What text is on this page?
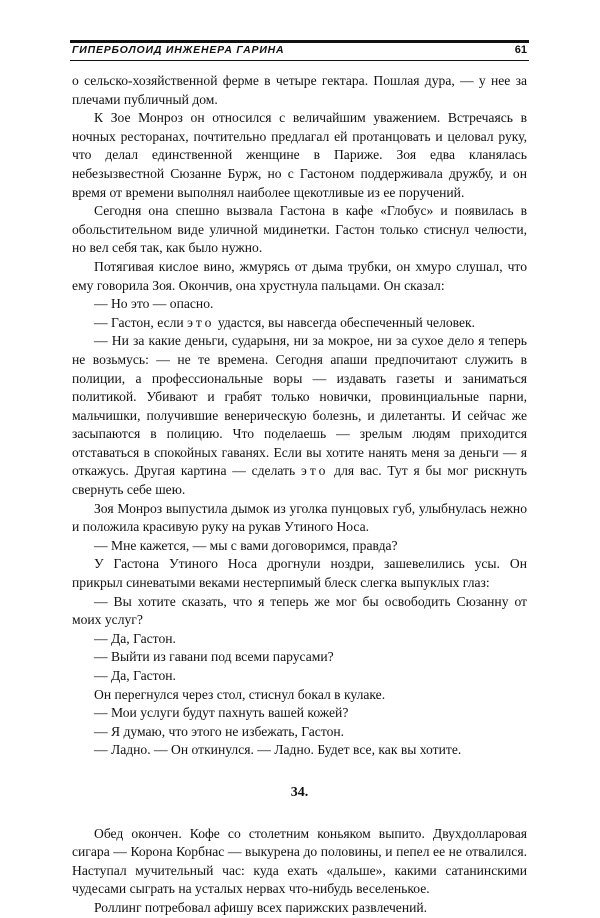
ГИПЕРБОЛОИД ИНЖЕНЕРА ГАРИНА	61

о сельско-хозяйственной ферме в четыре гектара. Пошлая дура, — у нее за плечами публичный дом.

К Зое Монроз он относился с величайшим уважением. Встречаясь в ночных ресторанах, почтительно предлагал ей протанцовать и целовал руку, что делал единственной женщине в Париже. Зоя едва кланялась небезызвестной Сюзанне Бурж, но с Гастоном поддерживала дружбу, и он время от времени выполнял наиболее щекотливые из ее поручений.

Сегодня она спешно вызвала Гастона в кафе «Глобус» и появилась в обольстительном виде уличной мидинетки. Гастон только стиснул челюсти, но вел себя так, как было нужно.

Потягивая кислое вино, жмурясь от дыма трубки, он хмуро слушал, что ему говорила Зоя. Окончив, она хрустнула пальцами. Он сказал:

— Но это — опасно.

— Гастон, если это удастся, вы навсегда обеспеченный человек.

— Ни за какие деньги, сударыня, ни за мокрое, ни за сухое дело я теперь не возьмусь: — не те времена. Сегодня апаши предпочитают служить в полиции, а профессиональные воры — издавать газеты и заниматься политикой. Убивают и грабят только новички, провинциальные парни, мальчишки, получившие венерическую болезнь, и дилетанты. И сейчас же засыпаются в полицию. Что поделаешь — зрелым людям приходится отставаться в спокойных гаванях. Если вы хотите нанять меня за деньги — я откажусь. Другая картина — сделать это для вас. Тут я бы мог рискнуть свернуть себе шею.

Зоя Монроз выпустила дымок из уголка пунцовых губ, улыбнулась нежно и положила красивую руку на рукав Утиного Носа.

— Мне кажется, — мы с вами договоримся, правда?

У Гастона Утиного Носа дрогнули ноздри, зашевелились усы. Он прикрыл синеватыми веками нестерпимый блеск слегка выпуклых глаз:

— Вы хотите сказать, что я теперь же мог бы освободить Сюзанну от моих услуг?

— Да, Гастон.

— Выйти из гавани под всеми парусами?

— Да, Гастон.

Он перегнулся через стол, стиснул бокал в кулаке.

— Мои услуги будут пахнуть вашей кожей?

— Я думаю, что этого не избежать, Гастон.

— Ладно. — Он откинулся. — Ладно. Будет все, как вы хотите.

34.

Обед окончен. Кофе со столетним коньяком выпито. Двухдолларовая сигара — Корона Корбнас — выкурена до половины, и пепел ее не отвалился. Наступал мучительный час: куда ехать «дальше», какими сатанинскими чудесами сыграть на усталых нервах что-нибудь веселенькое.

Роллинг потребовал афишу всех парижских развлечений.
